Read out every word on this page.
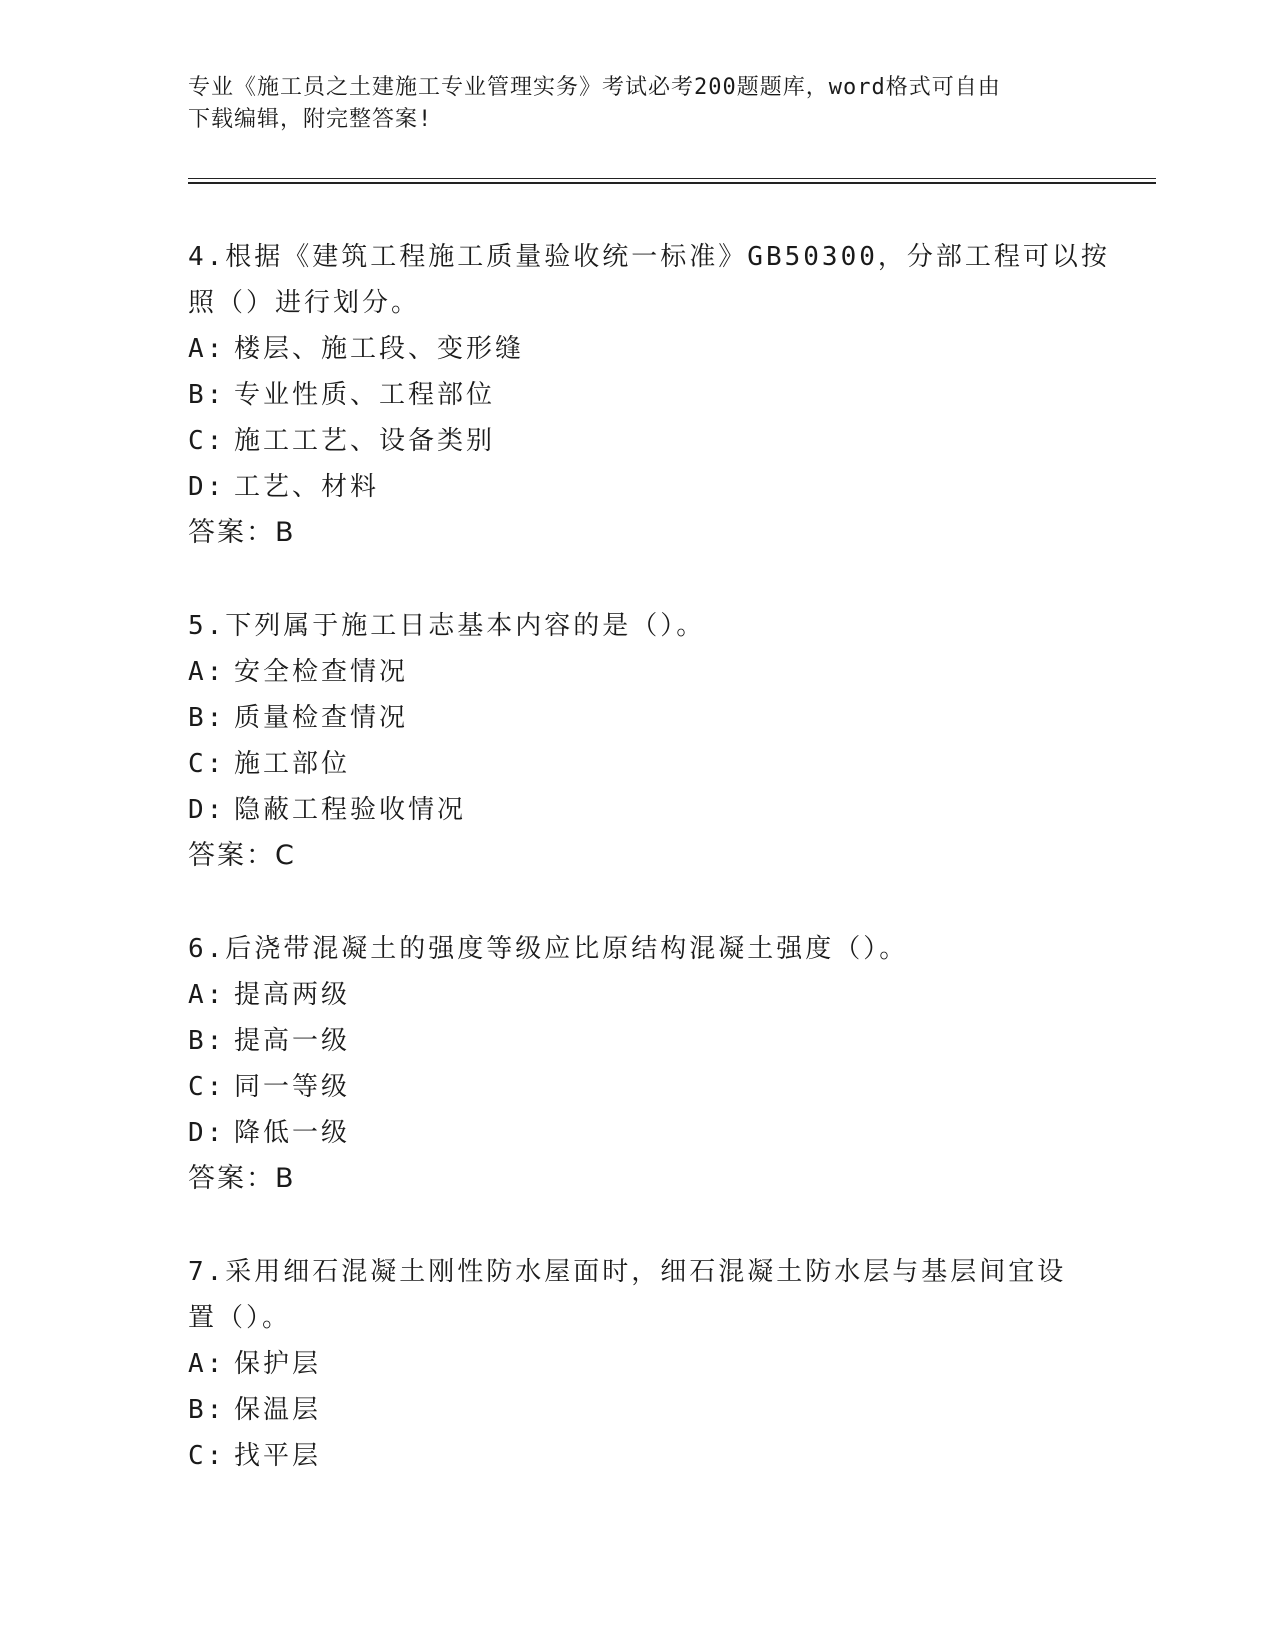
专业《施工员之土建施工专业管理实务》考试必考200题题库，word格式可自由
下载编辑，附完整答案!
4.根据《建筑工程施工质量验收统一标准》GB50300，分部工程可以按
照（）进行划分。
A: 楼层、施工段、变形缝
B: 专业性质、工程部位
C: 施工工艺、设备类别
D: 工艺、材料
答案：B
5.下列属于施工日志基本内容的是（）。
A: 安全检查情况
B: 质量检查情况
C: 施工部位
D: 隐蔽工程验收情况
答案：C
6.后浇带混凝土的强度等级应比原结构混凝土强度（）。
A: 提高两级
B: 提高一级
C: 同一等级
D: 降低一级
答案：B
7.采用细石混凝土刚性防水屋面时，细石混凝土防水层与基层间宜设
置（）。
A: 保护层
B: 保温层
C: 找平层
